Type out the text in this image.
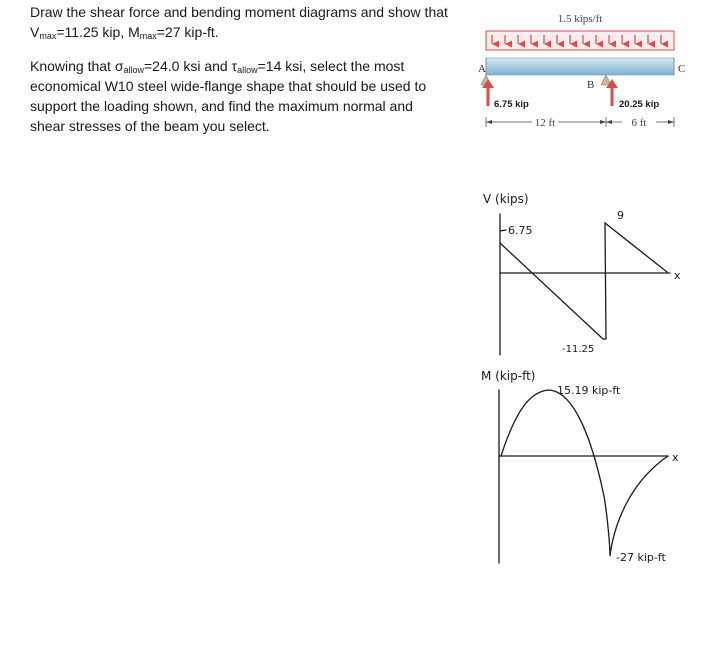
Draw the shear force and bending moment diagrams and show that
$V_{max}=11.25$ kip, $M_{max}=27$ kip-ft.
Knowing that $\sigma_{allow}=24.0$ ksi and $\tau_{allow}=14$ ksi, select the most economical W10 steel wide-flange shape that should be used to support the loading shown, and find the maximum normal and shear stresses of the beam you select.
1.5 kips/ft
A	C
B
6.75 kip	20.25 kip
12 ft	6 ft
V (kips)
x
6.75
-11.25
9
M (kip-ft)
x
15.19 kip-ft
-27 kip-ft
